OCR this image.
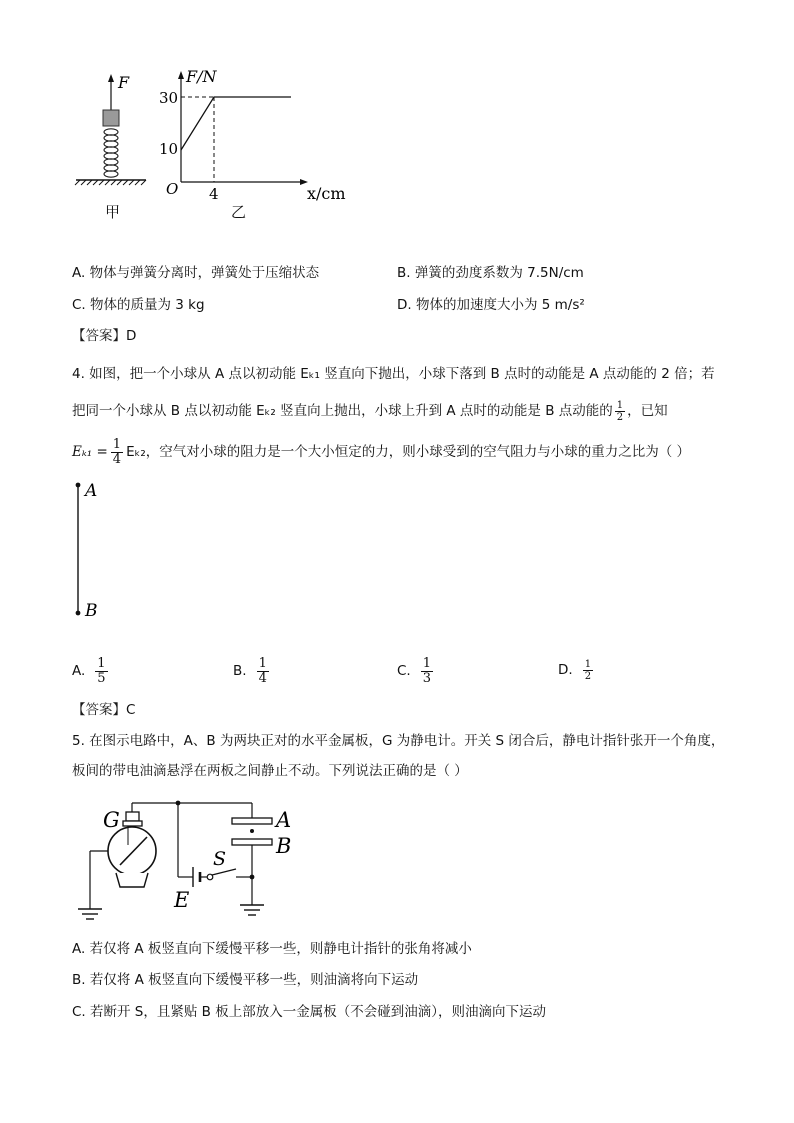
F
甲
F/N
x/cm
O
30
10
4
乙
A. 物体与弹簧分离时，弹簧处于压缩状态	B. 弹簧的劲度系数为 7.5N/cm
C. 物体的质量为 3 kg	D. 物体的加速度大小为 5 m/s²
【答案】D
4. 如图，把一个小球从 A 点以初动能 Eₖ₁ 竖直向下抛出，小球下落到 B 点时的动能是 A 点动能的 2 倍；若
把同一个小球从 B 点以初动能 Eₖ₂ 竖直向上抛出，小球上升到 A 点时的动能是 B 点动能的 $\frac{1}{2}$ ，已知
$E_{k1} = \frac{1}{4} E_{k2}$，空气对小球的阻力是一个大小恒定的力，则小球受到的空气阻力与小球的重力之比为（ ）
A
B
A. $\frac{1}{5}$	B. $\frac{1}{4}$	C. $\frac{1}{3}$	D. $\frac{1}{2}$
【答案】C
5. 在图示电路中，A、B 为两块正对的水平金属板，G 为静电计。开关 S 闭合后，静电计指针张开一个角度，
板间的带电油滴悬浮在两板之间静止不动。下列说法正确的是（ ）
G	A
B
E
S
A. 若仅将 A 板竖直向下缓慢平移一些，则静电计指针的张角将减小
B. 若仅将 A 板竖直向下缓慢平移一些，则油滴将向下运动
C. 若断开 S，且紧贴 B 板上部放入一金属板（不会碰到油滴），则油滴向下运动
